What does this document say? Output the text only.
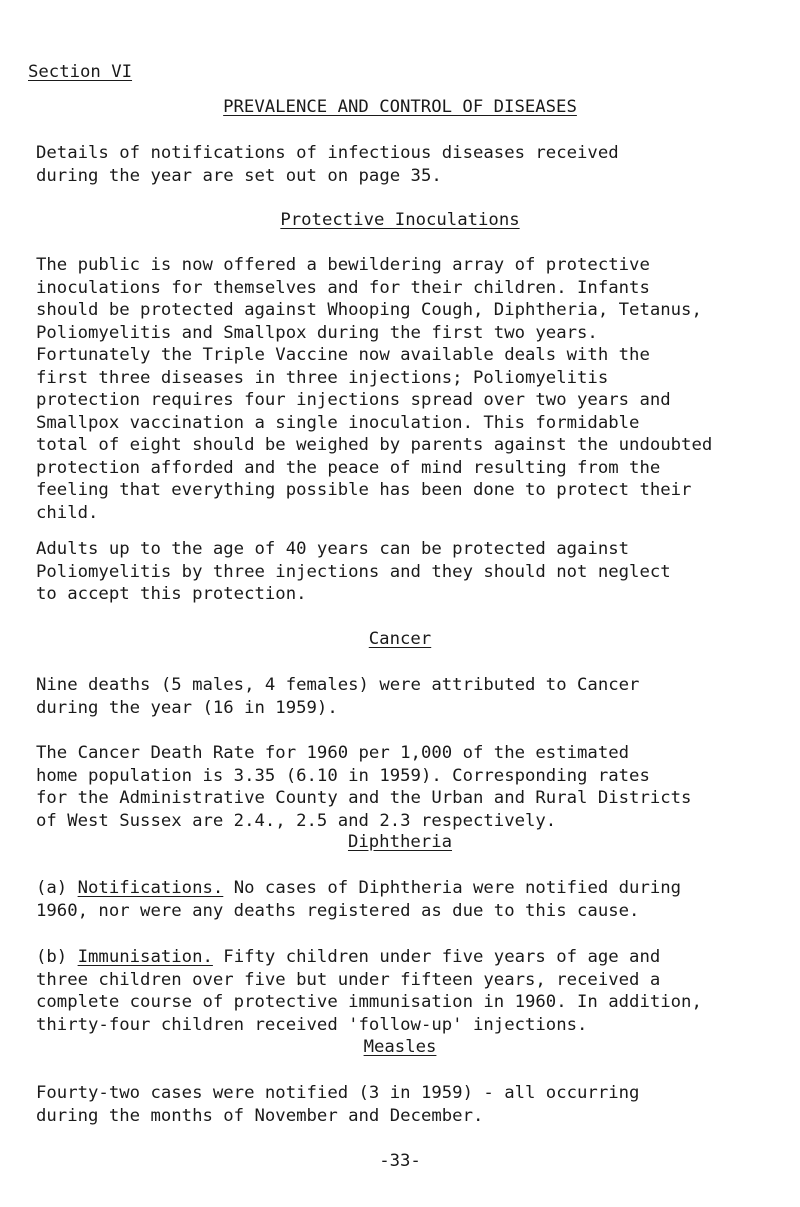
Section VI
PREVALENCE AND CONTROL OF DISEASES
Details of notifications of infectious diseases received
during the year are set out on page 35.
Protective Inoculations
The public is now offered a bewildering array of protective
inoculations for themselves and for their children. Infants
should be protected against Whooping Cough, Diphtheria, Tetanus,
Poliomyelitis and Smallpox during the first two years.
Fortunately the Triple Vaccine now available deals with the
first three diseases in three injections; Poliomyelitis
protection requires four injections spread over two years and
Smallpox vaccination a single inoculation. This formidable
total of eight should be weighed by parents against the undoubted
protection afforded and the peace of mind resulting from the
feeling that everything possible has been done to protect their
child.
Adults up to the age of 40 years can be protected against
Poliomyelitis by three injections and they should not neglect
to accept this protection.
Cancer
Nine deaths (5 males, 4 females) were attributed to Cancer
during the year (16 in 1959).
The Cancer Death Rate for 1960 per 1,000 of the estimated
home population is 3.35 (6.10 in 1959). Corresponding rates
for the Administrative County and the Urban and Rural Districts
of West Sussex are 2.4., 2.5 and 2.3 respectively.
Diphtheria
(a) Notifications. No cases of Diphtheria were notified during
1960, nor were any deaths registered as due to this cause.
(b) Immunisation. Fifty children under five years of age and
three children over five but under fifteen years, received a
complete course of protective immunisation in 1960. In addition,
thirty-four children received 'follow-up' injections.
Measles
Fourty-two cases were notified (3 in 1959) - all occurring
during the months of November and December.
-33-
